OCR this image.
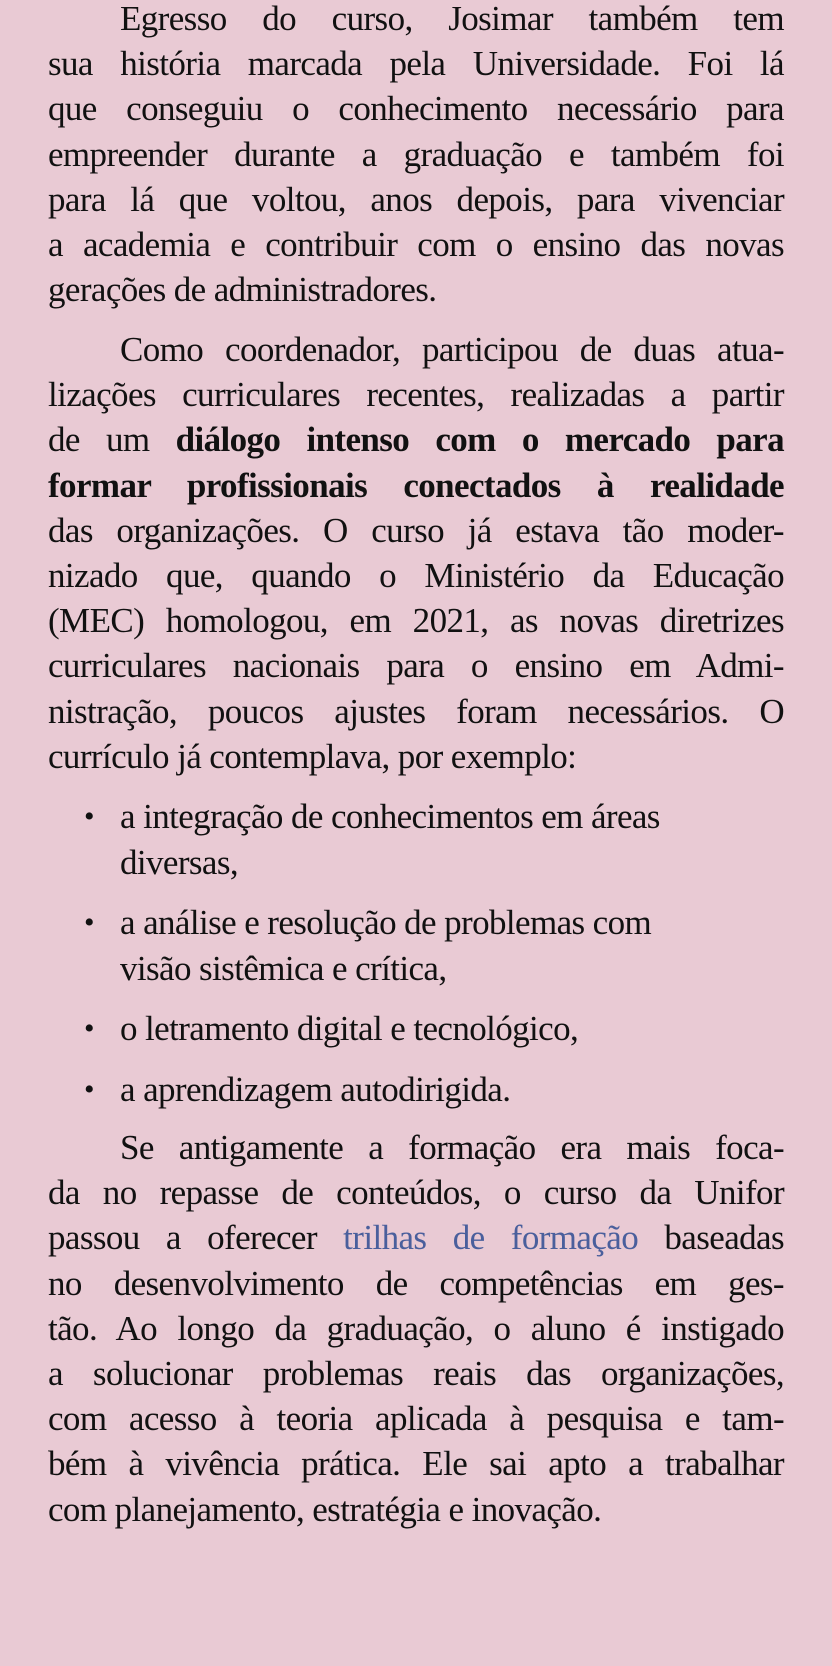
Egresso do curso, Josimar também tem
sua história marcada pela Universidade. Foi lá
que conseguiu o conhecimento necessário para
empreender durante a graduação e também foi
para lá que voltou, anos depois, para vivenciar
a academia e contribuir com o ensino das novas
gerações de administradores.
Como coordenador, participou de duas atua-
lizações curriculares recentes, realizadas a partir
de um diálogo intenso com o mercado para
formar profissionais conectados à realidade
das organizações. O curso já estava tão moder-
nizado que, quando o Ministério da Educação
(MEC) homologou, em 2021, as novas diretrizes
curriculares nacionais para o ensino em Admi-
nistração, poucos ajustes foram necessários. O
currículo já contemplava, por exemplo:
• a integração de conhecimentos em áreas
diversas,
• a análise e resolução de problemas com
visão sistêmica e crítica,
• o letramento digital e tecnológico,
• a aprendizagem autodirigida.
Se antigamente a formação era mais foca-
da no repasse de conteúdos, o curso da Unifor
passou a oferecer trilhas de formação baseadas
no desenvolvimento de competências em ges-
tão. Ao longo da graduação, o aluno é instigado
a solucionar problemas reais das organizações,
com acesso à teoria aplicada à pesquisa e tam-
bém à vivência prática. Ele sai apto a trabalhar
com planejamento, estratégia e inovação.
